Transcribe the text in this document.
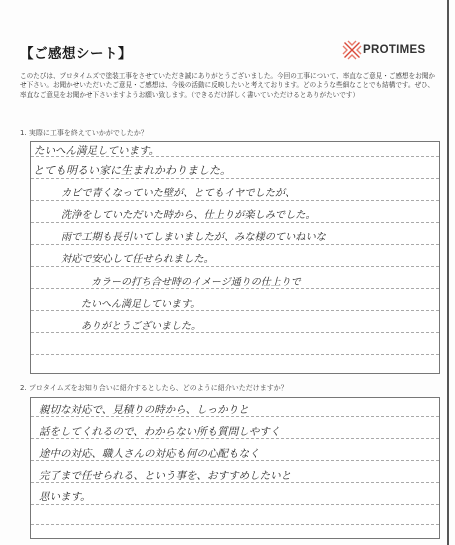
【ご感想シート】	PROTIMES
このたびは、プロタイムズで塗装工事をさせていただき誠にありがとうございました。今回の工事について、率直なご意見・ご感想をお聞かせ下さい。お聞かせいただいたご意見・ご感想は、今後の活動に反映したいと考えております。どのような些細なことでも結構です。ぜひ、率直なご意見をお聞かせ下さいますようお願い致します。（できるだけ詳しく書いていただけるとありがたいです）
1. 実際に工事を終えていかがでしたか？
たいへん満足しています。
とても明るい家に生まれかわりました。
カビで青くなっていた壁が、とてもイヤでしたが、
洗浄をしていただいた時から、仕上りが楽しみでした。
雨で工期も長引いてしまいましたが、みな様のていねいな
対応で安心して任せられました。
カラーの打ち合せ時のイメージ通りの仕上りで
たいへん満足しています。
ありがとうございました。
2. プロタイムズをお知り合いに紹介するとしたら、どのように紹介いただけますか？
親切な対応で、見積りの時から、しっかりと
話をしてくれるので、わからない所も質問しやすく
途中の対応、職人さんの対応も何の心配もなく
完了まで任せられる、という事を、おすすめしたいと
思います。
